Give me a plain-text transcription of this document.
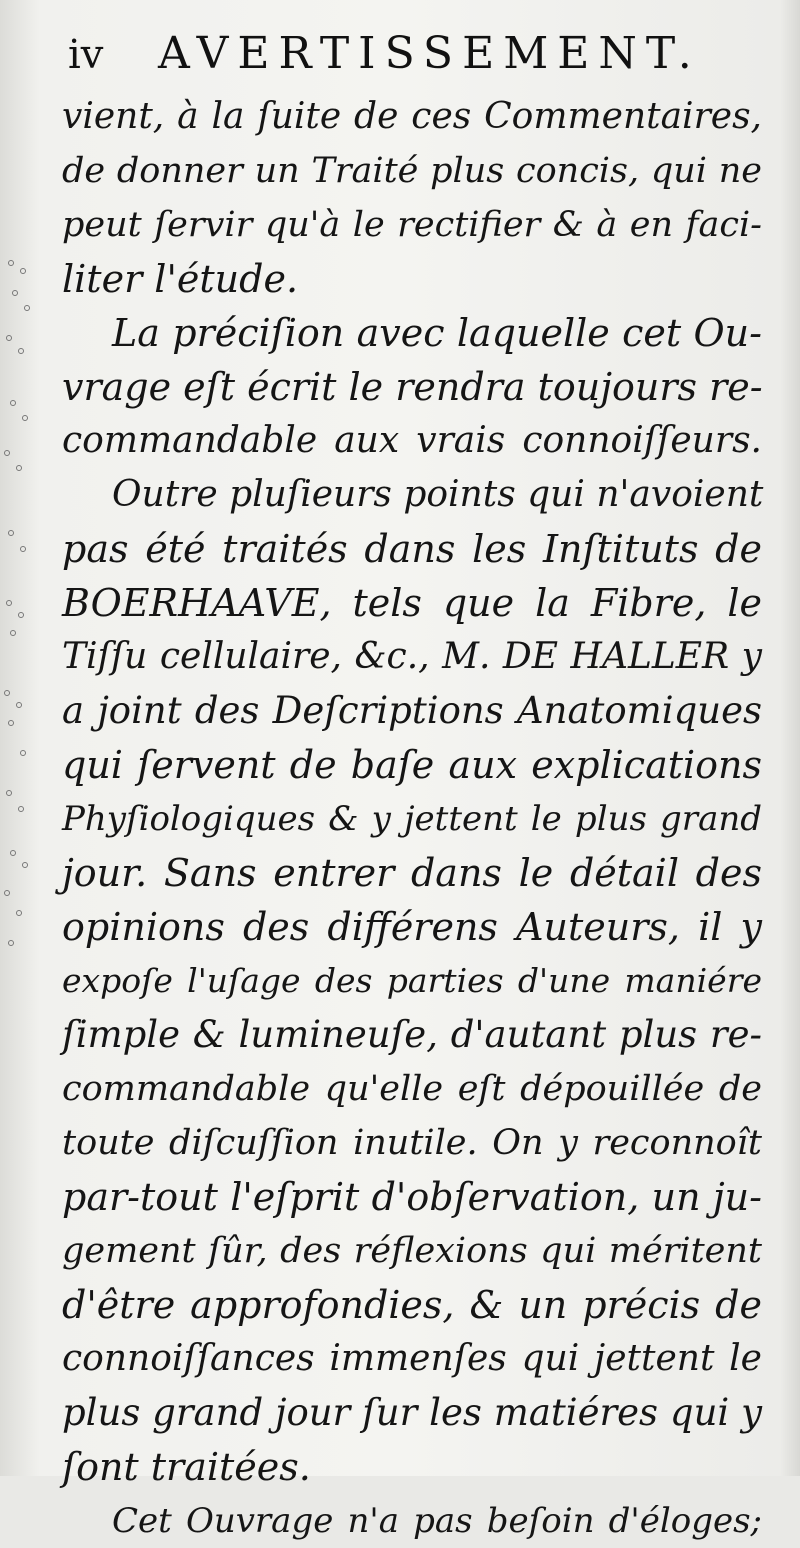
iv AVERTISSEMENT.
vient, à la ſuite de ces Commentaires,
de donner un Traité plus concis, qui ne
peut ſervir qu'à le rectifier & à en faci-
liter l'étude.
La préciſion avec laquelle cet Ou-
vrage eſt écrit le rendra toujours re-
commandable aux vrais connoiſſeurs.
Outre pluſieurs points qui n'avoient
pas été traités dans les Inſtituts de
BOERHAAVE, tels que la Fibre, le
Tiſſu cellulaire, &c., M. DE HALLER y
a joint des Deſcriptions Anatomiques
qui ſervent de baſe aux explications
Phyſiologiques & y jettent le plus grand
jour. Sans entrer dans le détail des
opinions des différens Auteurs, il y
expoſe l'uſage des parties d'une maniére
ſimple & lumineuſe, d'autant plus re-
commandable qu'elle eſt dépouillée de
toute diſcuſſion inutile. On y reconnoît
par-tout l'eſprit d'obſervation, un ju-
gement ſûr, des réflexions qui méritent
d'être approfondies, & un précis de
connoiſſances immenſes qui jettent le
plus grand jour ſur les matiéres qui y
ſont traitées.
Cet Ouvrage n'a pas beſoin d'éloges;
